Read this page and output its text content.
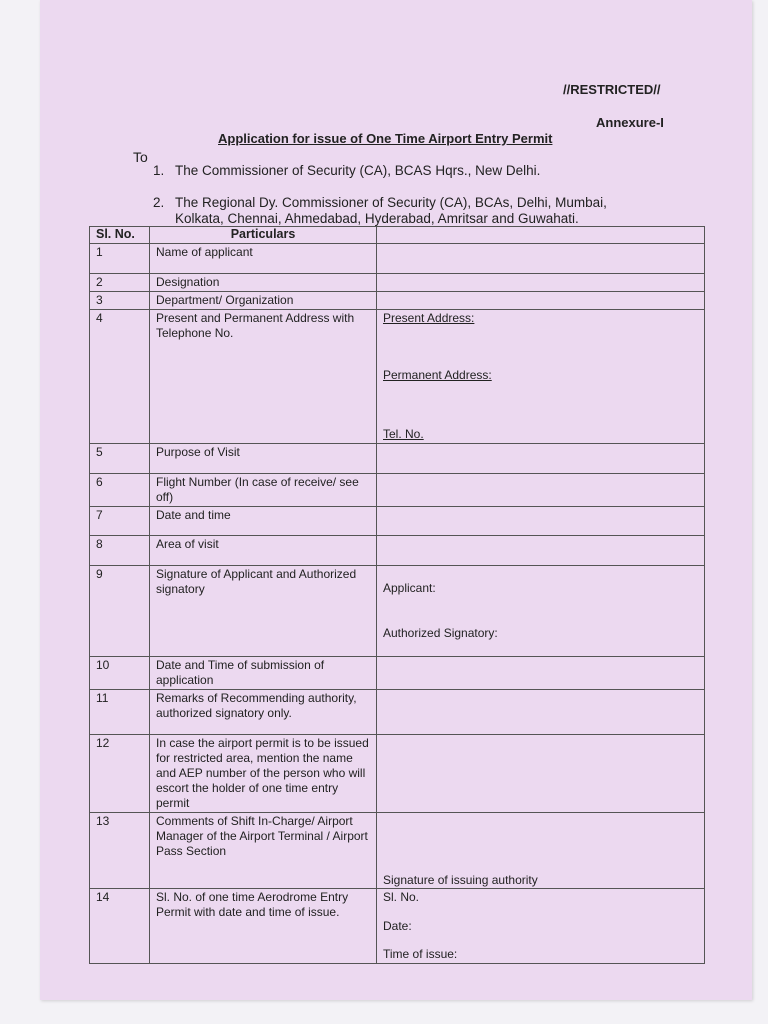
//RESTRICTED//
Annexure-I
Application for issue of One Time Airport Entry Permit
To
1. The Commissioner of Security (CA), BCAS Hqrs., New Delhi.
2. The Regional Dy. Commissioner of Security (CA), BCAs, Delhi, Mumbai,
Kolkata, Chennai, Ahmedabad, Hyderabad, Amritsar and Guwahati.
Sl. No.	Particulars	
1	Name of applicant	
2	Designation	
3	Department/ Organization	
4	Present and Permanent Address with Telephone No.	Present Address:
Permanent Address:
Tel. No.

5	Purpose of Visit	
6	Flight Number (In case of receive/ see off)	
7	Date and time	
8	Area of visit	
9	Signature of Applicant and Authorized signatory	Applicant:
Authorized Signatory:

10	Date and Time of submission of application	
11	Remarks of Recommending authority, authorized signatory only.	
12	In case the airport permit is to be issued for restricted area, mention the name and AEP number of the person who will escort the holder of one time entry permit	
13	Comments of Shift In-Charge/ Airport Manager of the Airport Terminal / Airport Pass Section	Signature of issuing authority

14	Sl. No. of one time Aerodrome Entry Permit with date and time of issue.	Sl. No.
Date:
Time of issue:
